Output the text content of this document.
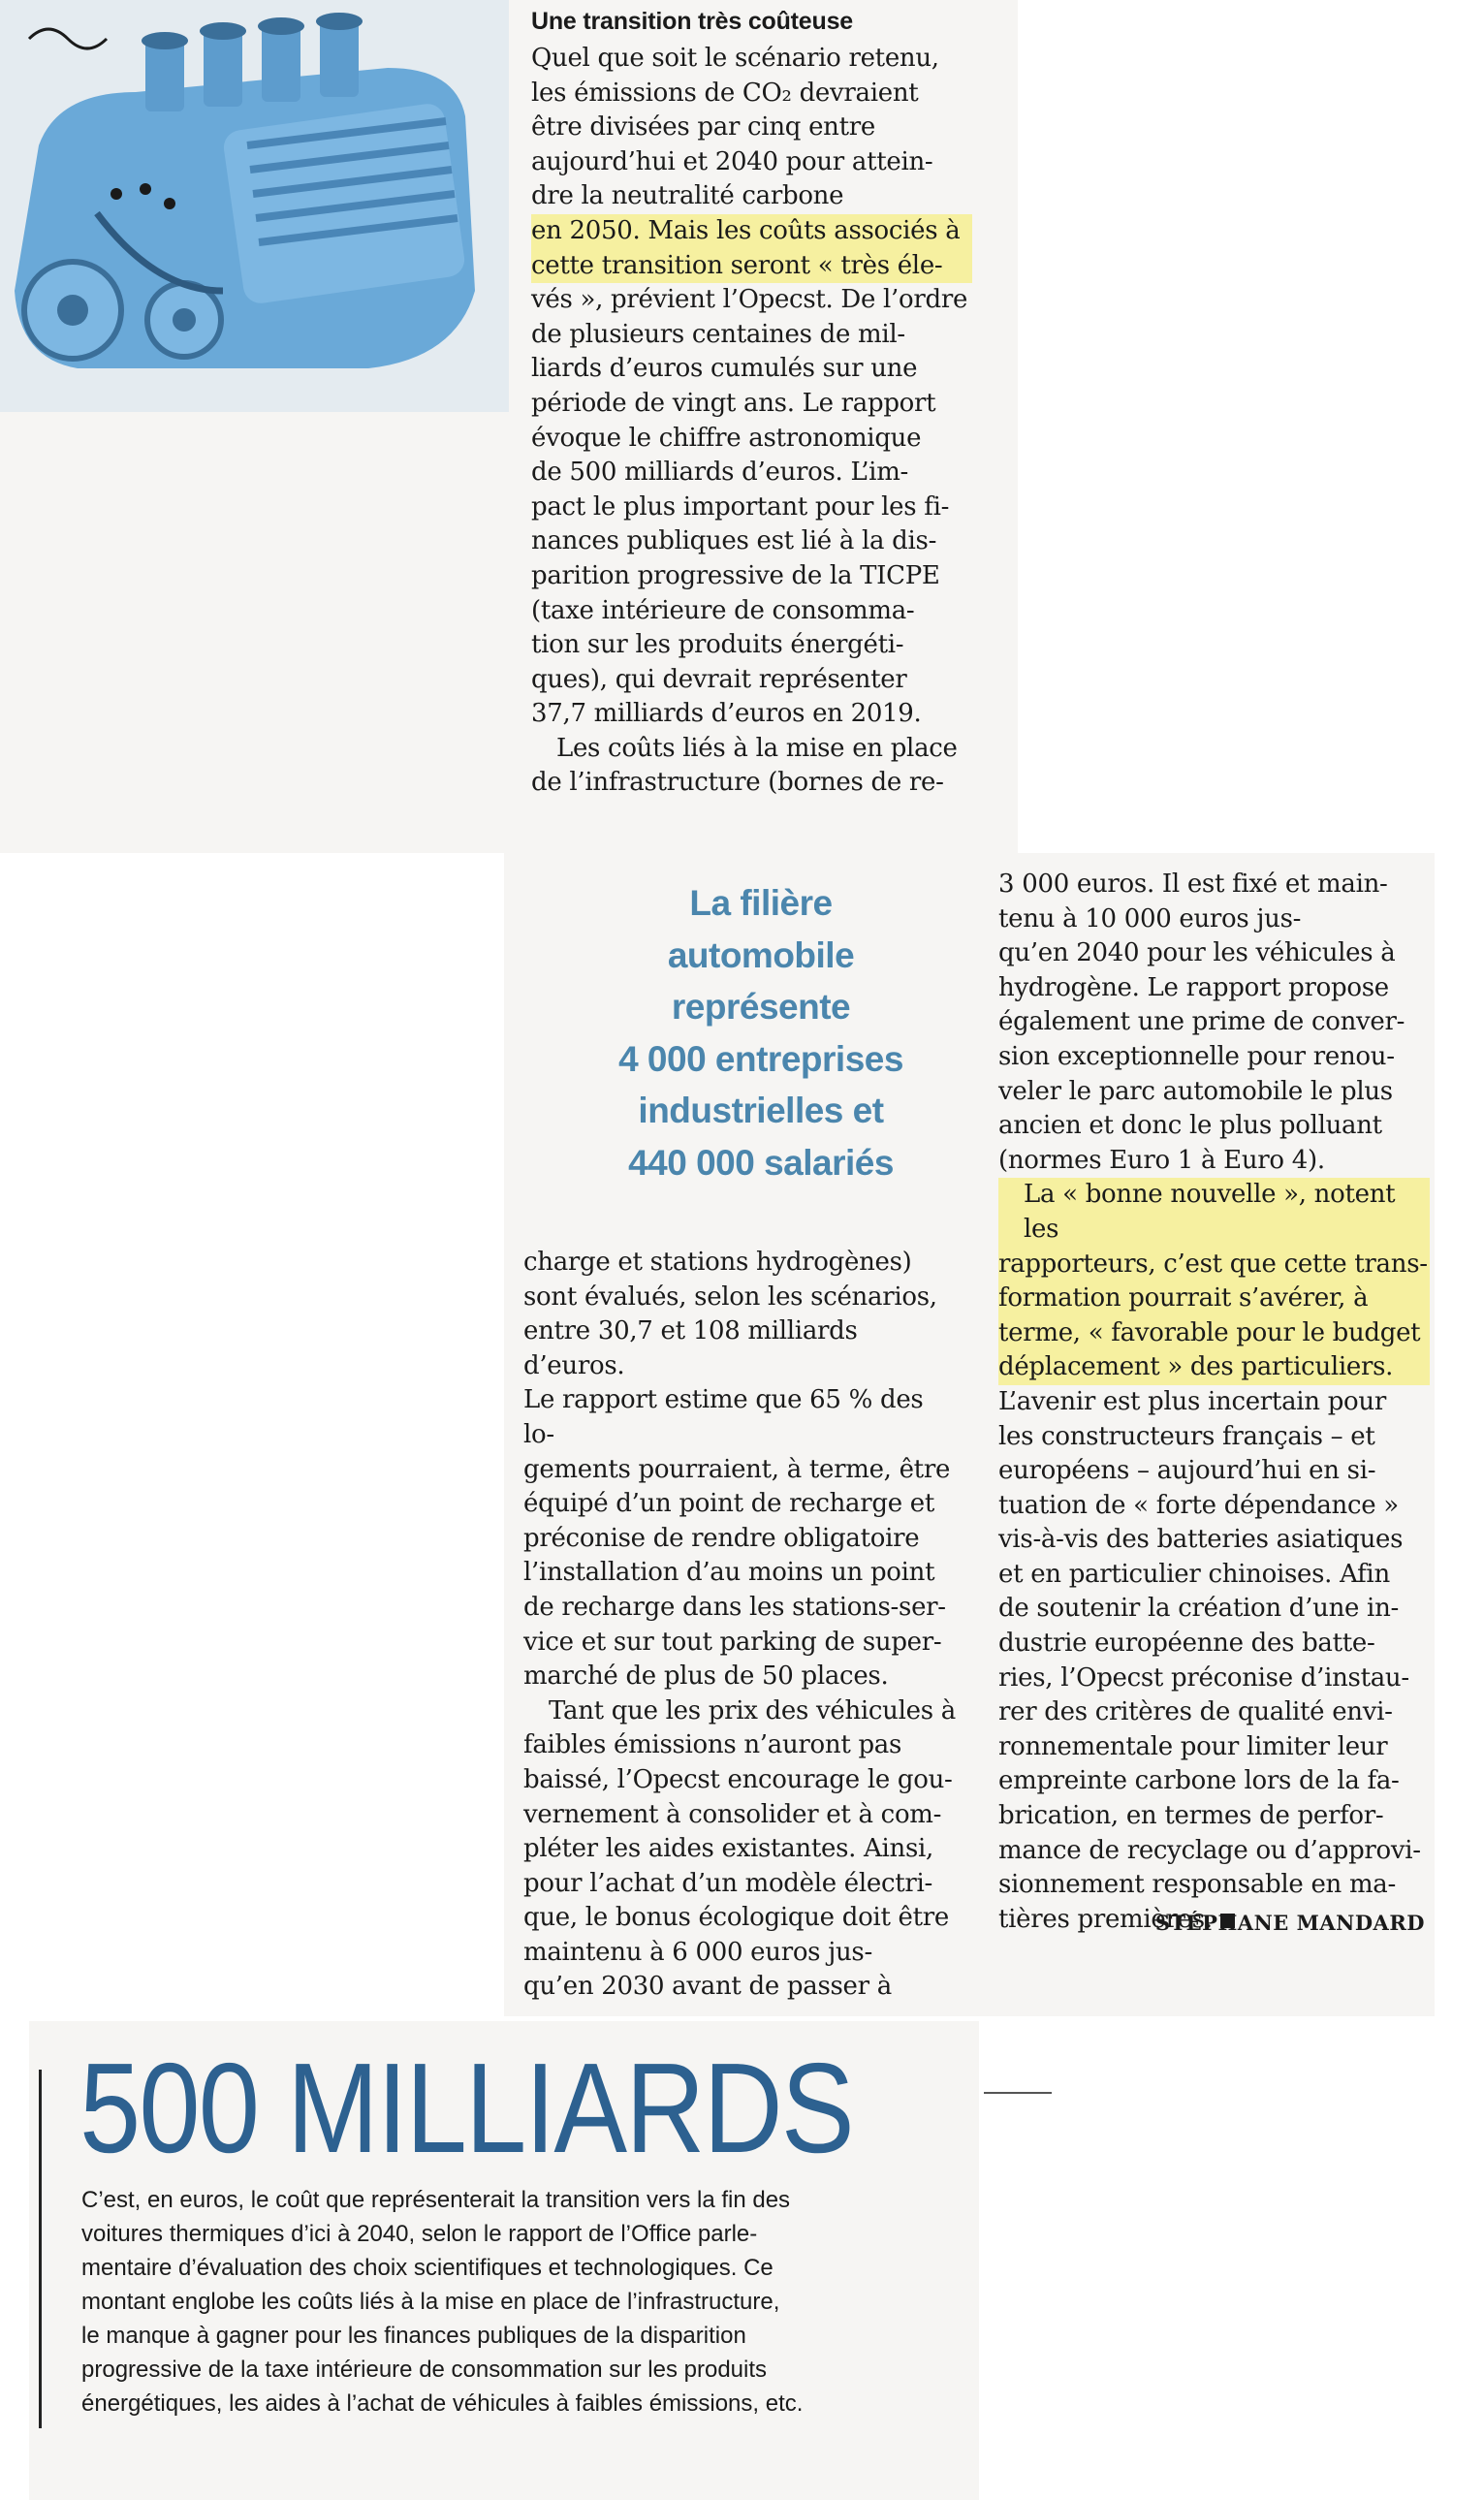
Une transition très coûteuse
Quel que soit le scénario retenu,
les émissions de CO₂ devraient
être divisées par cinq entre
aujourd’hui et 2040 pour attein-
dre la neutralité carbone
en 2050. Mais les coûts associés à
cette transition seront « très éle-
vés », prévient l’Opecst. De l’ordre
de plusieurs centaines de mil-
liards d’euros cumulés sur une
période de vingt ans. Le rapport
évoque le chiffre astronomique
de 500 milliards d’euros. L’im-
pact le plus important pour les fi-
nances publiques est lié à la dis-
parition progressive de la TICPE
(taxe intérieure de consomma-
tion sur les produits énergéti-
ques), qui devrait représenter
37,7 milliards d’euros en 2019.
Les coûts liés à la mise en place
de l’infrastructure (bornes de re-
La filière
automobile
représente
4 000 entreprises
industrielles et
440 000 salariés
charge et stations hydrogènes)
sont évalués, selon les scénarios,
entre 30,7 et 108 milliards d’euros.
Le rapport estime que 65 % des lo-
gements pourraient, à terme, être
équipé d’un point de recharge et
préconise de rendre obligatoire
l’installation d’au moins un point
de recharge dans les stations-ser-
vice et sur tout parking de super-
marché de plus de 50 places.
Tant que les prix des véhicules à
faibles émissions n’auront pas
baissé, l’Opecst encourage le gou-
vernement à consolider et à com-
pléter les aides existantes. Ainsi,
pour l’achat d’un modèle électri-
que, le bonus écologique doit être
maintenu à 6 000 euros jus-
qu’en 2030 avant de passer à
3 000 euros. Il est fixé et main-
tenu à 10 000 euros jus-
qu’en 2040 pour les véhicules à
hydrogène. Le rapport propose
également une prime de conver-
sion exceptionnelle pour renou-
veler le parc automobile le plus
ancien et donc le plus polluant
(normes Euro 1 à Euro 4).
La « bonne nouvelle », notent les
rapporteurs, c’est que cette trans-
formation pourrait s’avérer, à
terme, « favorable pour le budget
déplacement » des particuliers.
L’avenir est plus incertain pour
les constructeurs français – et
européens – aujourd’hui en si-
tuation de « forte dépendance »
vis-à-vis des batteries asiatiques
et en particulier chinoises. Afin
de soutenir la création d’une in-
dustrie européenne des batte-
ries, l’Opecst préconise d’instau-
rer des critères de qualité envi-
ronnementale pour limiter leur
empreinte carbone lors de la fa-
brication, en termes de perfor-
mance de recyclage ou d’approvi-
sionnement responsable en ma-
tières premières.
STÉPHANE MANDARD
500 MILLIARDS
C’est, en euros, le coût que représenterait la transition vers la fin des
voitures thermiques d’ici à 2040, selon le rapport de l’Office parle-
mentaire d’évaluation des choix scientifiques et technologiques. Ce
montant englobe les coûts liés à la mise en place de l’infrastructure,
le manque à gagner pour les finances publiques de la disparition
progressive de la taxe intérieure de consommation sur les produits
énergétiques, les aides à l’achat de véhicules à faibles émissions, etc.
